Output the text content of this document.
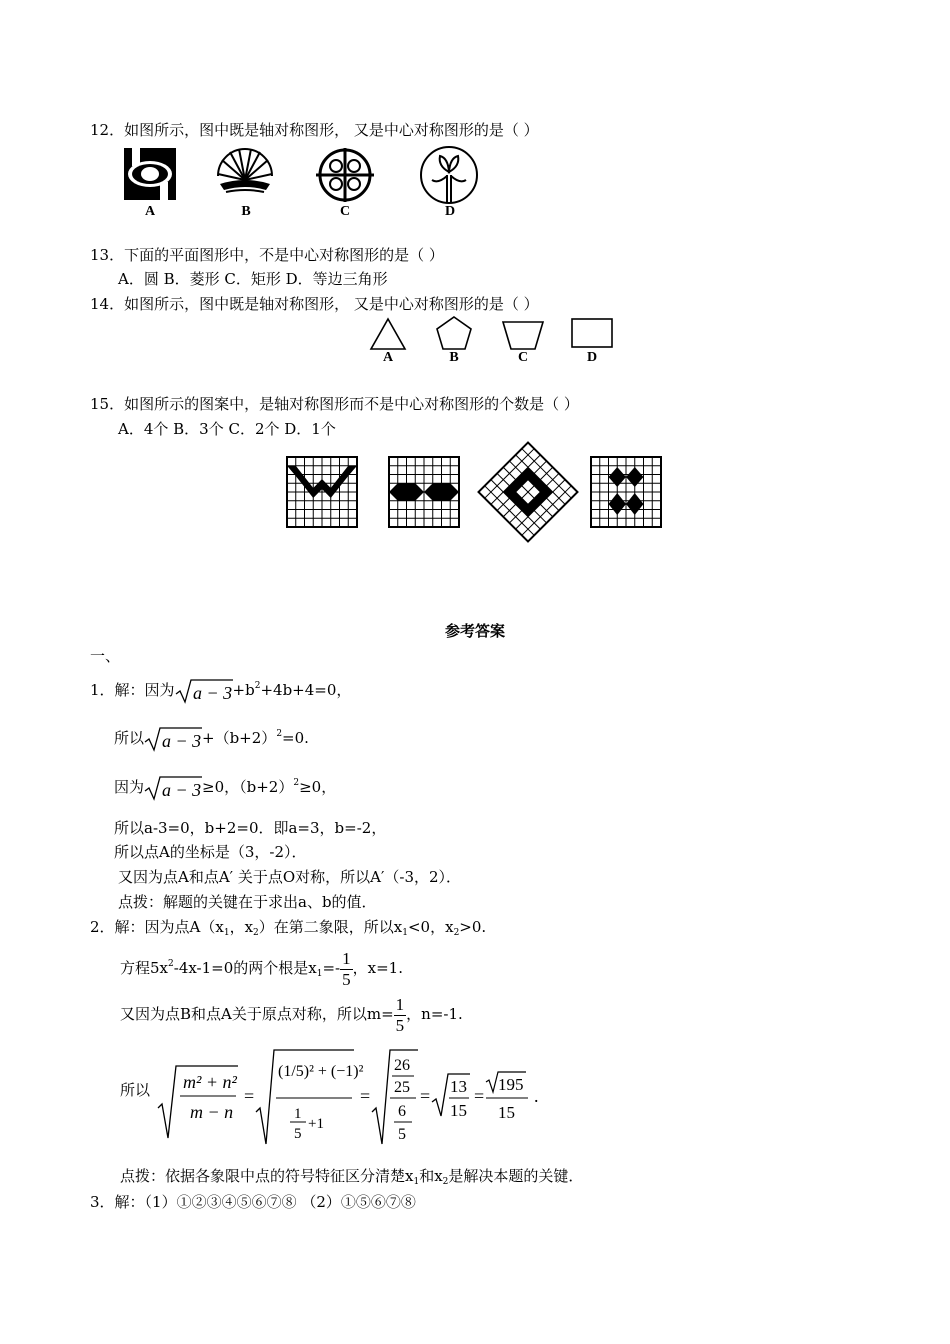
12．如图所示，图中既是轴对称图形， 又是中心对称图形的是（ ）
A	B	C	D
13．下面的平面图形中，不是中心对称图形的是（ ）
A．圆 B．菱形 C．矩形 D．等边三角形
14．如图所示，图中既是轴对称图形， 又是中心对称图形的是（ ）
A	B	C	D
15．如图所示的图案中，是轴对称图形而不是中心对称图形的个数是（ ）
A．4个 B．3个 C．2个 D．1个
参考答案
一、
1．解：因为 $a - 3 +b^2+4b+4=0$，
所以 $a - 3 +(b+2)^2=0$.
因为 a − 3 ≥0，$(b+2)^2\ge 0$，
所以a-3=0，b+2=0．即a=3，b=-2，
所以点A的坐标是（3，-2）．
又因为点A和点A′ 关于点O对称，所以A′（-3，2）．
点拨：解题的关键在于求出a、b的值．
2．解：因为点$A(x_1$，$x_2$）在第二象限，所以$x_1<0$，$x_2>0$.
方程$5x^2-4x-1=0$的两个根是$x_1=- \frac{1}{5}$ ，x=1.
又因为点B和点A关于原点对称，所以$m= \frac{1}{5}$ ，n=-1.
所以 m² + n²
m − n
=
(1/5)² + (−1)²
1
5
+1
=
26
25
6
5
= 13
15
=
195
15
.
点拨：依据各象限中点的符号特征区分清楚$x_1$和$x_2$是解决本题的关键．
3．解：（1）①②③④⑤⑥⑦⑧ （2）①⑤⑥⑦⑧
